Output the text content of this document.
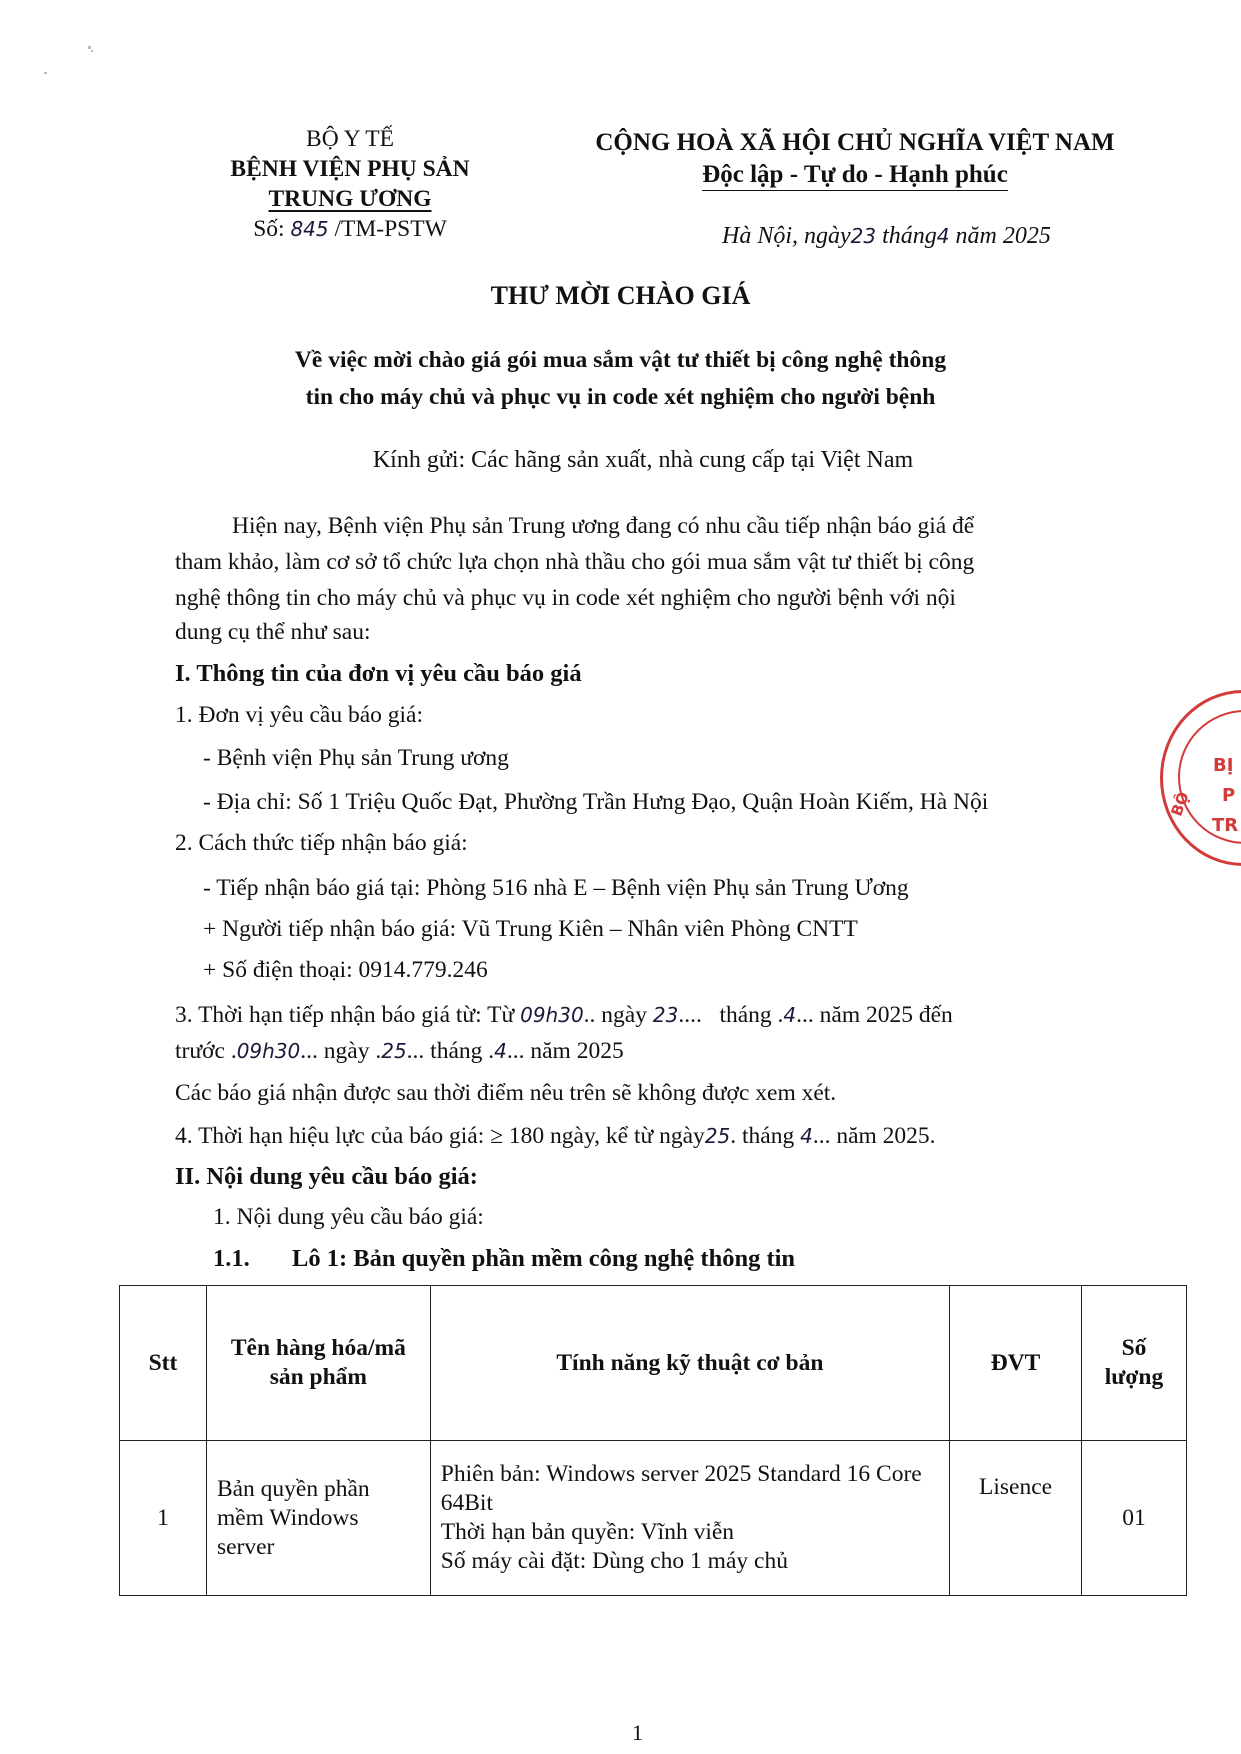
BỘ Y TẾ
BỆNH VIỆN PHỤ SẢN
TRUNG ƯƠNG
Số: 845 /TM-PSTW
CỘNG HOÀ XÃ HỘI CHỦ NGHĨA VIỆT NAM
Độc lập - Tự do - Hạnh phúc
Hà Nội, ngày23 tháng4 năm 2025
THƯ MỜI CHÀO GIÁ
Về việc mời chào giá gói mua sắm vật tư thiết bị công nghệ thông
tin cho máy chủ và phục vụ in code xét nghiệm cho người bệnh
Kính gửi: Các hãng sản xuất, nhà cung cấp tại Việt Nam
Hiện nay, Bệnh viện Phụ sản Trung ương đang có nhu cầu tiếp nhận báo giá để
tham khảo, làm cơ sở tổ chức lựa chọn nhà thầu cho gói mua sắm vật tư thiết bị công
nghệ thông tin cho máy chủ và phục vụ in code xét nghiệm cho người bệnh với nội
dung cụ thể như sau:
I. Thông tin của đơn vị yêu cầu báo giá
1. Đơn vị yêu cầu báo giá:
- Bệnh viện Phụ sản Trung ương
- Địa chỉ: Số 1 Triệu Quốc Đạt, Phường Trần Hưng Đạo, Quận Hoàn Kiếm, Hà Nội
2. Cách thức tiếp nhận báo giá:
- Tiếp nhận báo giá tại: Phòng 516 nhà E – Bệnh viện Phụ sản Trung Ương
+ Người tiếp nhận báo giá: Vũ Trung Kiên – Nhân viên Phòng CNTT
+ Số điện thoại: 0914.779.246
3. Thời hạn tiếp nhận báo giá từ: Từ 09h30.. ngày 23.... tháng .4... năm 2025 đến
trước .09h30... ngày .25... tháng .4... năm 2025
Các báo giá nhận được sau thời điểm nêu trên sẽ không được xem xét.
4. Thời hạn hiệu lực của báo giá: ≥ 180 ngày, kể từ ngày25. tháng 4... năm 2025.
II. Nội dung yêu cầu báo giá:
1. Nội dung yêu cầu báo giá:
1.1. Lô 1: Bản quyền phần mềm công nghệ thông tin
Stt	Tên hàng hóa/mã sản phẩm	Tính năng kỹ thuật cơ bản	ĐVT	Số lượng
1	Bản quyền phần mềm Windows server	Phiên bản: Windows server 2025 Standard 16 Core 64Bit
Thời hạn bản quyền: Vĩnh viễn
Số máy cài đặt: Dùng cho 1 máy chủ	Lisence	01
1
BỊ
P
TR
BỘ
